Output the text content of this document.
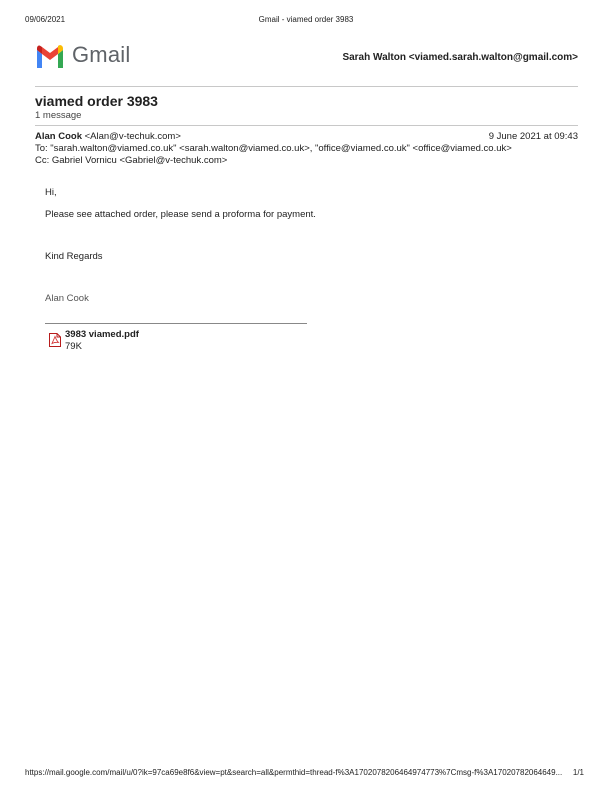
09/06/2021	Gmail - viamed order 3983
Gmail	Sarah Walton <viamed.sarah.walton@gmail.com>
viamed order 3983
1 message
Alan Cook <Alan@v-techuk.com>	9 June 2021 at 09:43
To: "sarah.walton@viamed.co.uk" <sarah.walton@viamed.co.uk>, "office@viamed.co.uk" <office@viamed.co.uk>
Cc: Gabriel Vornicu <Gabriel@v-techuk.com>
Hi,
Please see attached order, please send a proforma for payment.
Kind Regards
Alan Cook
3983 viamed.pdf
79K
https://mail.google.com/mail/u/0?ik=97ca69e8f6&view=pt&search=all&permthid=thread-f%3A1702078206464974773%7Cmsg-f%3A17020782064649... 1/1
